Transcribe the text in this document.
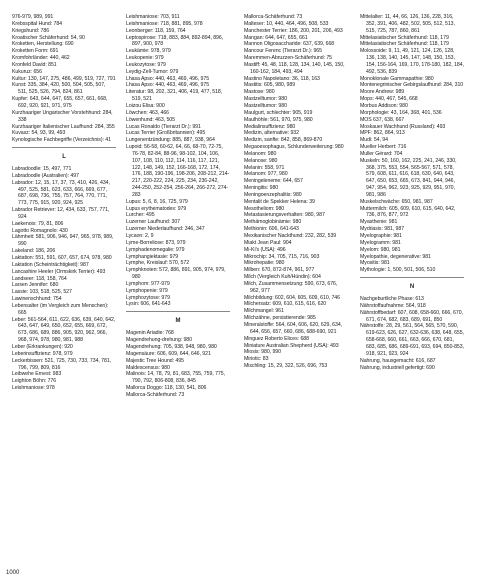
976-979, 989, 991

Krebsspital Hund: 784

Kriegshund: 786

Kroatischer Schäferhund: 54, 90

Kroketten, Herstellung: 690

Kroketten Form: 691

Kromfohrländer: 440, 462

Kronfeld David: 851

Kukuruz: 656

Kultur: 130, 147, 275, 486, 499, 519, 727, 791

Kunst: 335, 384, 420, 500, 504, 505, 507, 511, 525, 526, 794, 824, 861

Kupfer: 643, 644, 647, 655, 657, 661, 668, 692, 920, 921, 971, 975

Kurzhaariger Ungarischer Vorstehhund: 284, 338

Kurzhaariger Italienischer Laufhund: 284, 355

Kuvasz: 54, 93, 99, 493

Kynologische Fachbegriffe (Verzeichnis): 41

L

Labradoodle: 15, 497, 771

Labradoodle (Australien): 497

Labrador: 12, 15, 17, 37, 73, 410, 426, 434, 497, 525, 581, 623, 633, 666, 669, 677, 687, 698, 736, 755, 757, 764, 770, 771, 773, 775, 915, 920, 924, 925

Labrador Retriever: 12, 434, 633, 757, 771, 924

Laekenois: 79, 81, 806

Lagotto Romagnolo: 430

Lähmheit: 581, 906, 946, 947, 965, 978, 989, 990

Lakeland: 186, 206

Laktation: 551, 591, 607, 657, 674, 978, 980

Laktation (Scheinträchtigkeit): 987

Lancashire Heeler (Ormskirk Terrier): 493

Landseer: 118, 158, 764

Larsen Jennifer: 680

Lassie: 103, 518, 525, 527

Lawinenschhund: 754

Lebensalter (im Vergleich zum Menschen): 665

Leber: 561-564, 611, 622, 636, 639, 640, 642, 643, 647, 649, 650, 652, 655, 669, 672, 673, 686, 689, 886, 905, 920, 962, 966, 968, 974, 978, 980, 981, 988

Leber (Erkrankungen): 920

Leberinsuffizienz: 978, 979

Leckerbissen: 521, 725, 730, 733, 734, 781, 796, 799, 809, 816

Leibwehe Ernest: 983

Leighton Böhn: 776

Leishmaniose: 978

Leishmaniose: 703, 911

Leishmaniose: 718, 881, 895, 978

Leonberger: 118, 159, 764

Leptospirose: 718, 883, 884, 892-894, 896, 897, 900, 978

Leukämie: 978, 979

Leukopenie: 979

Leukozytose: 979

Leydig-Zell-Tumor: 979

Lhasa Apso: 440, 463, 469, 496, 975

Lhasa Apso: 440, 463, 469, 496, 975

Literatur: 98, 202, 321, 406, 419, 477, 518, 519, 521

Loizou Elisa: 900

Löwchen: 463, 466

Löwenhund: 463, 505

Lucas Ronaldo (Tierarzt Dr.): 991

Lucas Terrier (Großbritannien): 495

Lungenentzündung: 885, 887, 938, 964

Lupoid: 56-58, 60-62, 64, 66, 68-70, 72-75, 76-78, 82-84, 88-96, 98-102, 104, 106, 107, 108, 110, 112, 114, 116, 117, 121, 122, 148, 149, 152, 166-168, 172, 174, 176, 188, 190-196, 198-206, 208-212, 214-217, 220-222, 224, 225, 234, 236-242, 244-250, 252-254, 256-264, 266-272, 274-283

Lupus: 5, 6, 8, 16, 725, 979

Lupus erythematodes: 979

Lurcher: 495

Luzerner Laufhund: 307

Luzerner Niederlaufhund: 346, 347

Lycaon: 2, 9

Lyme-Borreliose: 873, 979

Lymphadenomegalie: 979

Lymphangiektasie: 979

Lymphe, Kreislauf: 570, 572

Lymphknoten: 572, 886, 891, 905, 974, 979, 980

Lymphom: 977-979

Lymphopenie: 979

Lymphozytose: 979

Lysin: 606, 641-643

M

Magenin Ariadie: 768

Magendrehung-drehung: 980

Magendrehung: 705, 938, 948, 980, 980

Magensäure: 606, 609, 644, 646, 921

Majestic Tree Hound: 495

Maldescensus: 980

Malinois: 14, 78, 79, 81, 683, 755, 759, 775, 790, 792, 806-808, 836, 845

Mallorca Doggo: 118, 130, 541, 806

Mallorca-Schäferhund: 73

Mallorca-Schäferhund: 73

Malteser: 10, 440, 464, 496, 508, 533

Manchester Terrier: 186, 200, 201, 206, 493

Mangan: 644, 647, 655, 661

Mannon Oligosaccharide: 637, 639, 668

Mancour Ferenc (Tierarzt Dr.): 965

Maremmen-Abruzzen-Schäferhund: 75

Mastiff: 45, 48, 118, 128, 134, 140, 145, 150, 160-162, 184, 493, 494

Mastino Napoletano: 36, 118, 163

Mastitis: 605, 980, 989

Mastose: 980

Mastzelltumor: 980

Mastzelltumor: 980

Maulgurt, schlechter: 905, 919

Maulhöhle: 561, 970, 975, 980

Medialinsuffizienz: 980

Medizin, alternative: 932

Medizin, sanfte: 842, 858, 869-870

Megaoesophagus, Schlunderweiterung: 980

Melanom: 980

Melanose: 980

Melanin: 558, 971

Melanom: 977, 980

Meningeleneme: 644, 657

Meningitis: 980

Meningoenzephalitis: 980

Mentalit de Spekker Helena: 39

Mesotheliom: 980

Metastasierungsverhalten: 980, 987

Methämoglobinämie: 980

Methionin: 606, 641-643

Mexikanischer Nackthund: 232, 282, 539

Miakt Jean Paul: 904

Mi-Ki's (USA): 496

Mikrochip: 34, 705, 715, 716, 903

Mikrohepatie: 980

Milben: 670, 872-874, 961, 977

Milch (Vergleich Kuh/Hündin): 604

Milch, Zusammensetzung: 590, 673, 676, 962, 977

Milchbildung: 602, 604, 605, 609, 610, 746

Milchersatz: 609, 610, 615, 616, 620

Milchmangel: 961

Milchzähne, persistierende: 985

Mineralstoffe: 564, 604, 606, 620, 629, 634, 644, 656, 657, 660, 686, 688-690, 921

Minguez Roberto Elices: 688

Miniature Australian Shepherd (USA): 493

Miosis: 980, 990

Miriotic: 83

Mischling: 15, 29, 322, 526, 696, 753

Mittelalter: 11, 44, 66, 126, 136, 228, 316, 352, 391, 406, 482, 502, 505, 512, 513, 515, 725, 787, 860, 861

Mittelasiatischer Schäferhund: 118, 179

Mittelasiatischer Schäferhund: 118, 179

Molossoide: 9, 11, 49, 121, 124, 126, 128, 136, 138, 140, 145, 147, 148, 150, 153, 154, 156-164, 169, 170, 178-180, 182, 184, 492, 536, 839

Monoklonale Gammapathie: 980

Montenegrinischer Gebirgslaufhund: 284, 310

Moore Andrew: 989

Mops: 440, 467, 545, 668

Morbus Addison: 980

Morphologie: 43, 164, 368, 401, 536

MOS 637, 638, 667

Moskauer Wachhund (Russland): 493

MPF: 862, 864, 913

Mudi: 54, 94

Mueller Herbert: 716

Muller Gérard: 704

Muskeln: 50, 160, 162, 225, 241, 246, 330, 368, 375, 553, 554, 565-567, 571, 578, 579, 608, 611, 616, 618, 630, 640, 643, 647, 650, 653, 665, 673, 841, 944, 946, 947, 954, 962, 923, 925, 929, 951, 970, 981, 986

Muskelschwäche: 650, 981, 987

Muttermilch: 605, 609, 610, 615, 640, 642, 736, 876, 877, 972

Myasthenie: 981

Mydriasis: 981, 987

Myelographie: 981

Myelogramm: 981

Myelom: 980, 981

Myelopathie, degenerative: 981

Myositis: 981

Mythologie: 1, 500, 501, 506, 510

N

Nachgeburtliche Phase: 613

Nährstoffaufnahme: 564, 918

Nährstoffbedarf: 607, 608, 658-660, 666, 670, 671, 674, 682, 683, 689, 691, 850

Nährstoffe: 28, 29, 561, 564, 565, 570, 590, 619-623, 626, 627, 632-636, 638, 648, 655, 658-668, 660, 661, 663, 666, 670, 681, 683, 685, 686, 689-691, 693, 694, 850-853, 918, 921, 923, 924

Nahrung, hausgemacht: 616, 687

Nahrung, industriell gefertigt: 690

1000
